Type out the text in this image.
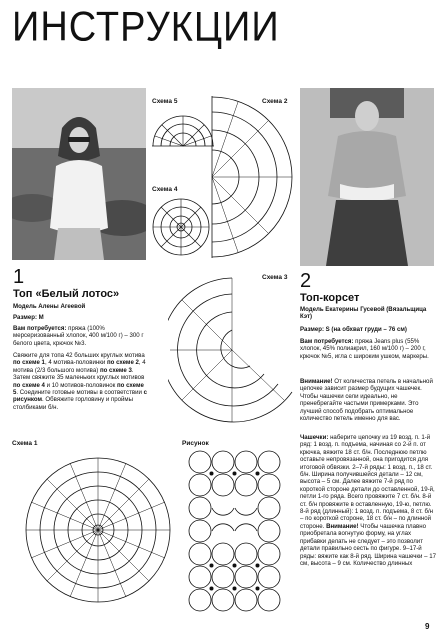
ИНСТРУКЦИИ
1
Топ «Белый лотос»
Модель Алены Агеевой
Размер: М
Вам потребуется: пряжа (100% мерсеризованный хлопок, 400 м/100 г) – 300 г белого цвета, крючок №3.
Свяжите для топа 42 большиx круглых мотива по схеме 1, 4 мотива-половинки по схеме 2, 4 мотива (2/3 большого мотива) по схеме 3. Затем свяжите 35 маленьких круглых мотивов по схеме 4 и 10 мотивов-половинок по схеме 5. Соедините готовые мотивы в соответствии с рисунком. Обвяжите горловину и проймы столбиками б/н.
2
Топ-корсет
Модель Екатерины Гусевой (Вязальщица Кэт)
Размер: S (на обхват груди – 76 см)
Вам потребуется: пряжа Jeans plus (55% хлопок, 45% полиакрил, 160 м/100 г) – 200 г, крючок №5, игла с широким ушком, маркеры.
Внимание! От количества петель в начальной цепочке зависит размер будущих чашечек. Чтобы чашечки сели идеально, не пренебрегайте частыми примерками. Это лучший способ подобрать оптимальное количество петель именно для вас.
Чашечки: наберите цепочку из 19 возд. п. 1-й ряд: 1 возд. п. подъема, начиная со 2-й п. от крючка, вяжите 18 ст. б/н. Последнюю петлю оставьте непровязанной, она пригодится для итоговой обвязки. 2–7-й ряды: 1 возд. п., 18 ст. б/н. Ширина получившейся детали – 12 см, высота – 5 см. Далее вяжите 7-й ряд по короткой стороне детали до оставленной, 19-й, петли 1-го ряда. Всего провяжите 7 ст. б/н. 8-й ст. б/н провяжите в оставленную, 19-ю, петлю. 8-й ряд (длинный): 1 возд. п. подъема, 8 ст. б/н – по короткой стороне, 18 ст. б/н – по длинной стороне. Внимание! Чтобы чашечка плавно приобретала вогнутую форму, на углах прибавки делать не следует – это позволит детали правильно сесть по фигуре. 9–17-й ряды: вяжите как 8-й ряд. Ширина чашечки – 17 см, высота – 9 см. Количество длинных
Схема 5	Схема 2
Схема 4
Схема 3
Схема 1	Рисунок
9
